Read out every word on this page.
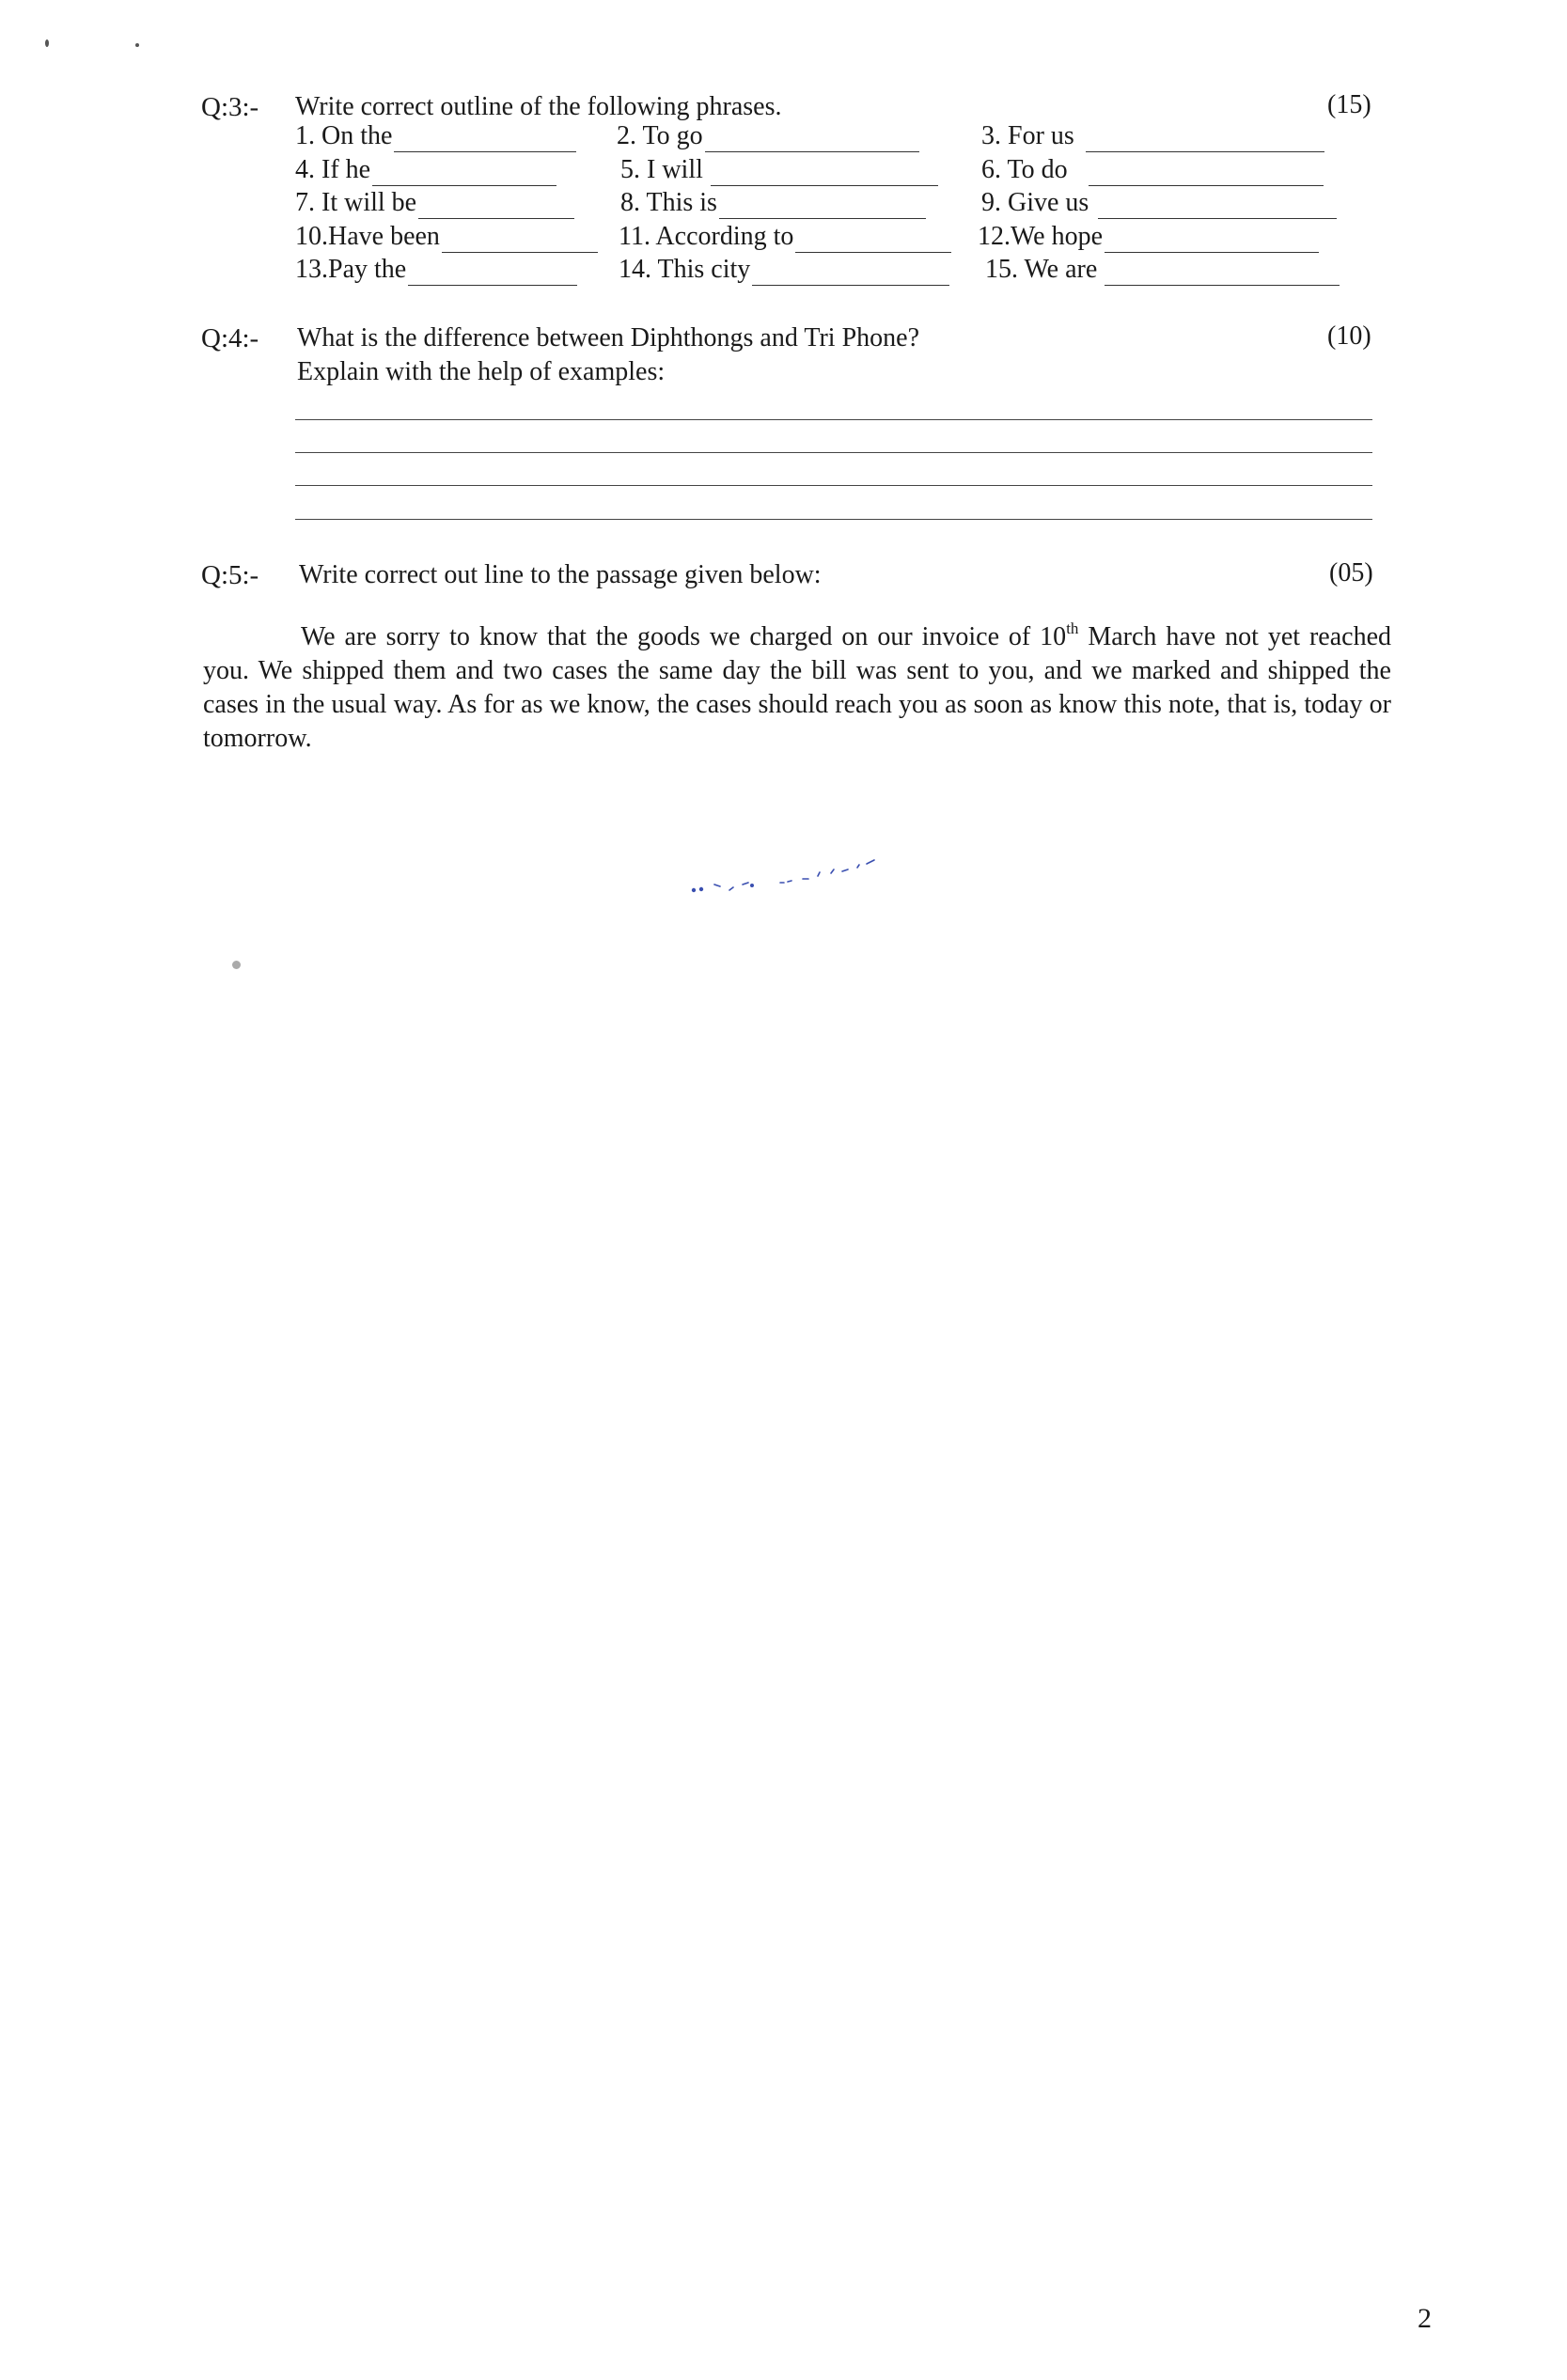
Q:3:- Write correct outline of the following phrases.	(15)
1. On the	2. To go	3. For us
4. If he	5. I will	6. To do
7. It will be	8. This is	9. Give us
10.Have been	11. According to	12.We hope
13.Pay the	14. This city	15. We are
Q:4:- What is the difference between Diphthongs and Tri Phone?
Explain with the help of examples:
(10)
Q:5:- Write correct out line to the passage given below:	(05)
We are sorry to know that the goods we charged on our invoice of 10th March have not yet reached you. We shipped them and two cases the same day the bill was sent to you, and we marked and shipped the cases in the usual way. As for as we know, the cases should reach you as soon as know this note, that is, today or tomorrow.
2
